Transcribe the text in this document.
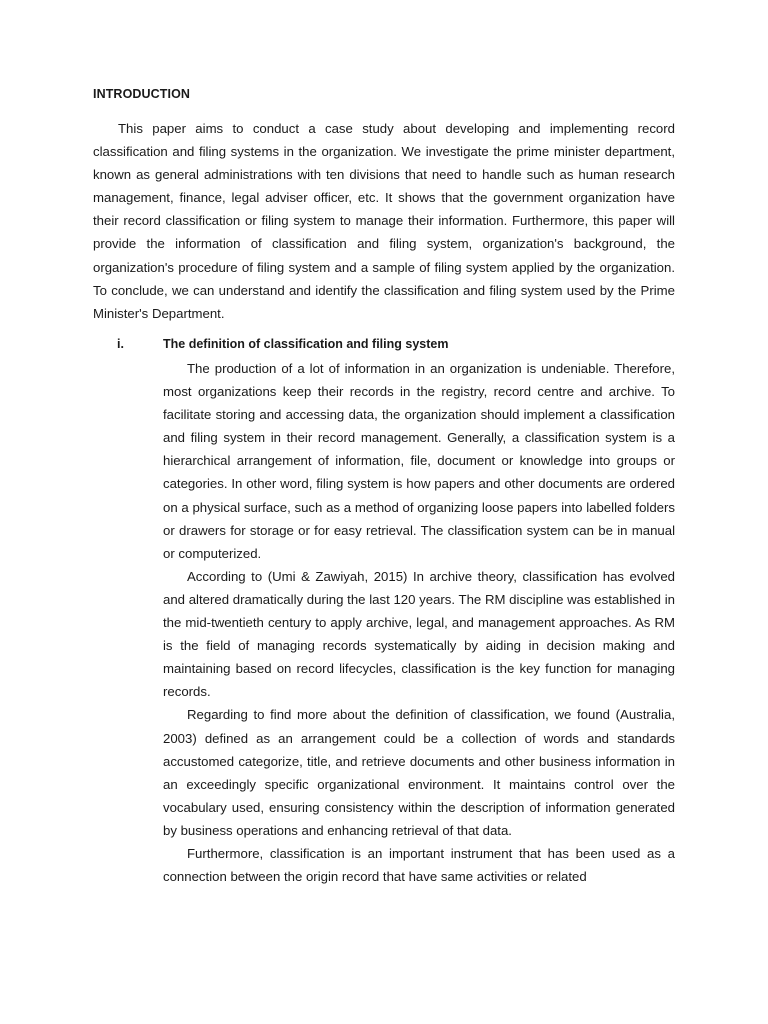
INTRODUCTION

This paper aims to conduct a case study about developing and implementing record classification and filing systems in the organization. We investigate the prime minister department, known as general administrations with ten divisions that need to handle such as human research management, finance, legal adviser officer, etc. It shows that the government organization have their record classification or filing system to manage their information. Furthermore, this paper will provide the information of classification and filing system, organization's background, the organization's procedure of filing system and a sample of filing system applied by the organization. To conclude, we can understand and identify the classification and filing system used by the Prime Minister's Department.

i.	The definition of classification and filing system

The production of a lot of information in an organization is undeniable. Therefore, most organizations keep their records in the registry, record centre and archive. To facilitate storing and accessing data, the organization should implement a classification and filing system in their record management. Generally, a classification system is a hierarchical arrangement of information, file, document or knowledge into groups or categories. In other word, filing system is how papers and other documents are ordered on a physical surface, such as a method of organizing loose papers into labelled folders or drawers for storage or for easy retrieval. The classification system can be in manual or computerized.

According to (Umi & Zawiyah, 2015) In archive theory, classification has evolved and altered dramatically during the last 120 years. The RM discipline was established in the mid-twentieth century to apply archive, legal, and management approaches. As RM is the field of managing records systematically by aiding in decision making and maintaining based on record lifecycles, classification is the key function for managing records.

Regarding to find more about the definition of classification, we found (Australia, 2003) defined as an arrangement could be a collection of words and standards accustomed categorize, title, and retrieve documents and other business information in an exceedingly specific organizational environment. It maintains control over the vocabulary used, ensuring consistency within the description of information generated by business operations and enhancing retrieval of that data.

Furthermore, classification is an important instrument that has been used as a connection between the origin record that have same activities or related
